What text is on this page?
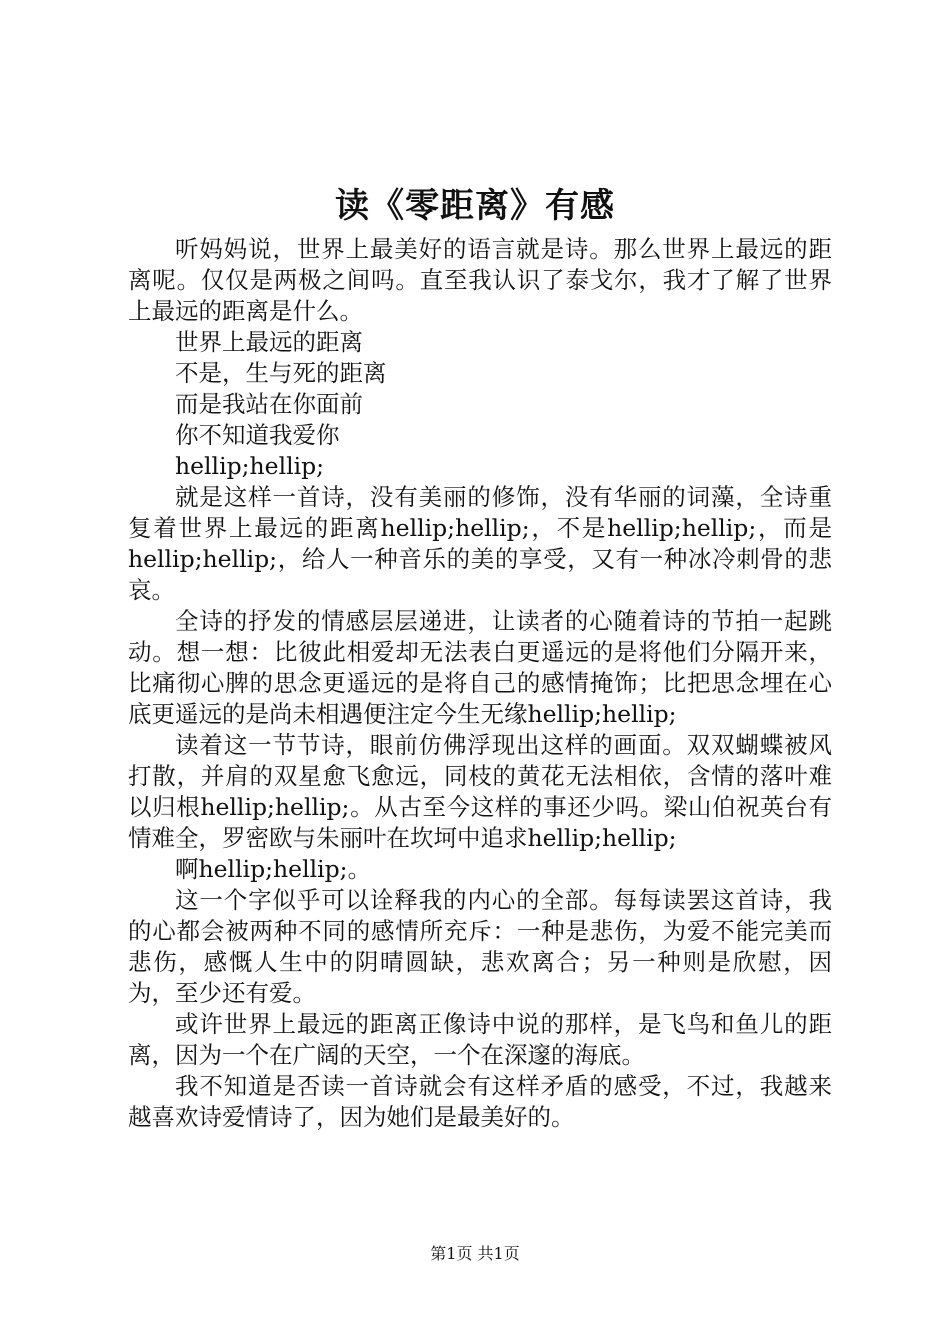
读《零距离》有感

听妈妈说，世界上最美好的语言就是诗。那么世界上最远的距离呢。仅仅是两极之间吗。直至我认识了泰戈尔，我才了解了世界上最远的距离是什么。

世界上最远的距离

不是，生与死的距离

而是我站在你面前

你不知道我爱你

hellip;hellip;

就是这样一首诗，没有美丽的修饰，没有华丽的词藻，全诗重复着世界上最远的距离hellip;hellip;，不是hellip;hellip;，而是hellip;hellip;，给人一种音乐的美的享受，又有一种冰冷刺骨的悲哀。

全诗的抒发的情感层层递进，让读者的心随着诗的节拍一起跳动。想一想：比彼此相爱却无法表白更遥远的是将他们分隔开来，比痛彻心脾的思念更遥远的是将自己的感情掩饰；比把思念埋在心底更遥远的是尚未相遇便注定今生无缘hellip;hellip;

读着这一节节诗，眼前仿佛浮现出这样的画面。双双蝴蝶被风打散，并肩的双星愈飞愈远，同枝的黄花无法相依，含情的落叶难以归根hellip;hellip;。从古至今这样的事还少吗。梁山伯祝英台有情难全，罗密欧与朱丽叶在坎坷中追求hellip;hellip;

啊hellip;hellip;。

这一个字似乎可以诠释我的内心的全部。每每读罢这首诗，我的心都会被两种不同的感情所充斥：一种是悲伤，为爱不能完美而悲伤，感慨人生中的阴晴圆缺，悲欢离合；另一种则是欣慰，因为，至少还有爱。

或许世界上最远的距离正像诗中说的那样，是飞鸟和鱼儿的距离，因为一个在广阔的天空，一个在深邃的海底。

我不知道是否读一首诗就会有这样矛盾的感受，不过，我越来越喜欢诗爱情诗了，因为她们是最美好的。

第1页 共1页
